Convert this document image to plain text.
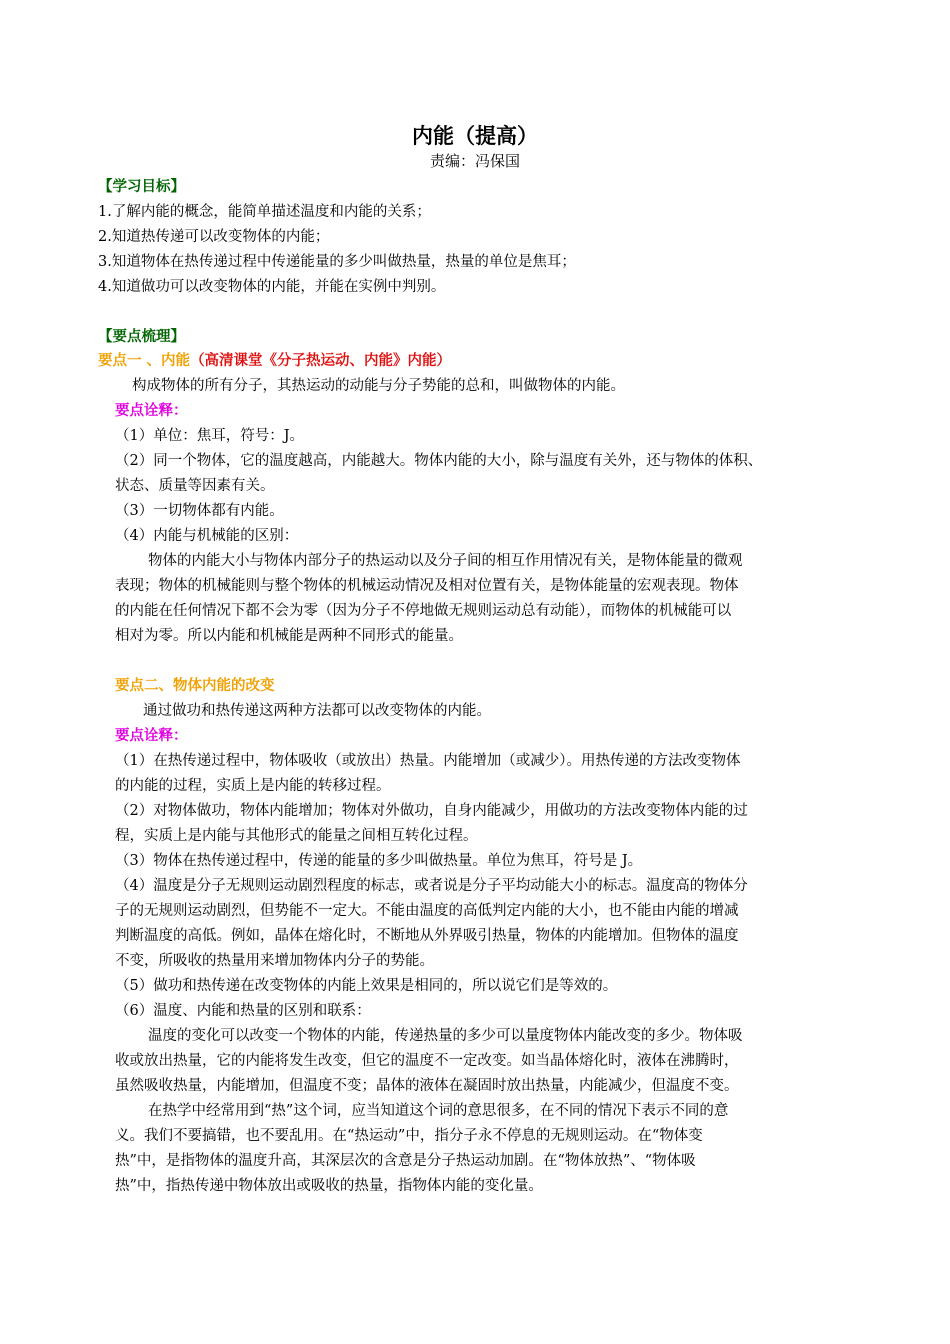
内能（提高）
责编：冯保国
【学习目标】
1.了解内能的概念，能简单描述温度和内能的关系；
2.知道热传递可以改变物体的内能；
3.知道物体在热传递过程中传递能量的多少叫做热量，热量的单位是焦耳；
4.知道做功可以改变物体的内能，并能在实例中判别。
【要点梳理】
要点一 、内能（高清课堂《分子热运动、内能》内能）
构成物体的所有分子，其热运动的动能与分子势能的总和，叫做物体的内能。
要点诠释：
（1）单位：焦耳，符号：J。
（2）同一个物体，它的温度越高，内能越大。物体内能的大小，除与温度有关外，还与物体的体积、
状态、质量等因素有关。
（3）一切物体都有内能。
（4）内能与机械能的区别：
物体的内能大小与物体内部分子的热运动以及分子间的相互作用情况有关，是物体能量的微观
表现；物体的机械能则与整个物体的机械运动情况及相对位置有关，是物体能量的宏观表现。物体
的内能在任何情况下都不会为零（因为分子不停地做无规则运动总有动能），而物体的机械能可以
相对为零。所以内能和机械能是两种不同形式的能量。
要点二、物体内能的改变
通过做功和热传递这两种方法都可以改变物体的内能。
要点诠释：
（1）在热传递过程中，物体吸收（或放出）热量。内能增加（或减少）。用热传递的方法改变物体
的内能的过程，实质上是内能的转移过程。
（2）对物体做功，物体内能增加；物体对外做功，自身内能减少，用做功的方法改变物体内能的过
程，实质上是内能与其他形式的能量之间相互转化过程。
（3）物体在热传递过程中，传递的能量的多少叫做热量。单位为焦耳，符号是 J。
（4）温度是分子无规则运动剧烈程度的标志，或者说是分子平均动能大小的标志。温度高的物体分
子的无规则运动剧烈，但势能不一定大。不能由温度的高低判定内能的大小，也不能由内能的增减
判断温度的高低。例如，晶体在熔化时，不断地从外界吸引热量，物体的内能增加。但物体的温度
不变，所吸收的热量用来增加物体内分子的势能。
（5）做功和热传递在改变物体的内能上效果是相同的，所以说它们是等效的。
（6）温度、内能和热量的区别和联系：
温度的变化可以改变一个物体的内能，传递热量的多少可以量度物体内能改变的多少。物体吸
收或放出热量，它的内能将发生改变，但它的温度不一定改变。如当晶体熔化时，液体在沸腾时，
虽然吸收热量，内能增加，但温度不变；晶体的液体在凝固时放出热量，内能减少，但温度不变。
在热学中经常用到“热”这个词，应当知道这个词的意思很多，在不同的情况下表示不同的意
义。我们不要搞错，也不要乱用。在“热运动”中，指分子永不停息的无规则运动。在“物体变
热”中，是指物体的温度升高，其深层次的含意是分子热运动加剧。在“物体放热”、“物体吸
热”中，指热传递中物体放出或吸收的热量，指物体内能的变化量。
